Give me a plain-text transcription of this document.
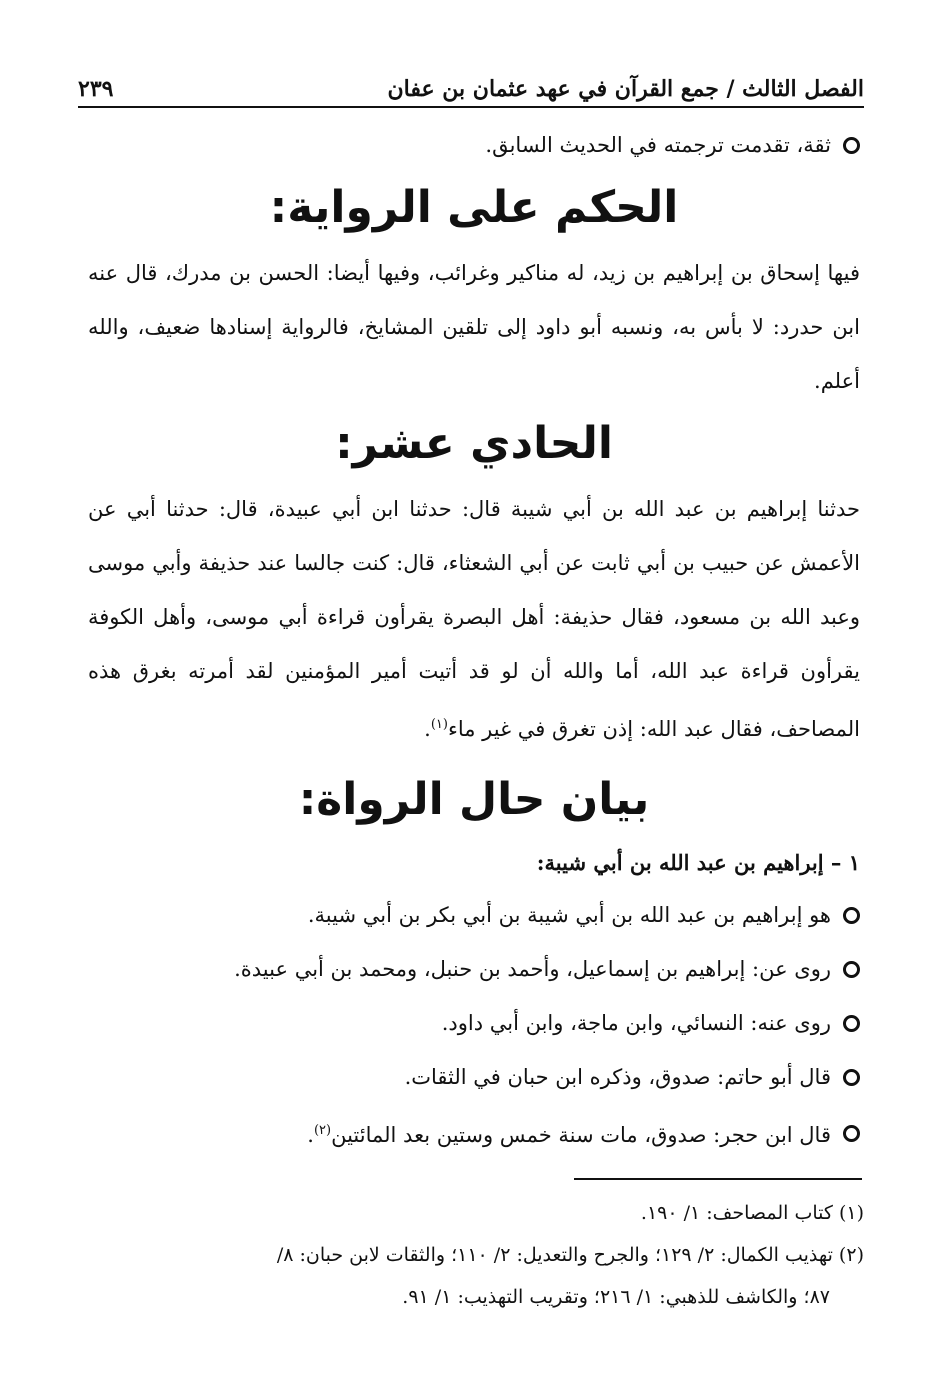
٢٣٩	الفصل الثالث / جمع القرآن في عهد عثمان بن عفان
ثقة، تقدمت ترجمته في الحديث السابق.
الحكم على الرواية:
فيها إسحاق بن إبراهيم بن زيد، له مناكير وغرائب، وفيها أيضا: الحسن بن مدرك، قال عنه ابن حدرد: لا بأس به، ونسبه أبو داود إلى تلقين المشايخ، فالرواية إسنادها ضعيف، والله أعلم.
الحادي عشر:
حدثنا إبراهيم بن عبد الله بن أبي شيبة قال: حدثنا ابن أبي عبيدة، قال: حدثنا أبي عن الأعمش عن حبيب بن أبي ثابت عن أبي الشعثاء، قال: كنت جالسا عند حذيفة وأبي موسى وعبد الله بن مسعود، فقال حذيفة: أهل البصرة يقرأون قراءة أبي موسى، وأهل الكوفة يقرأون قراءة عبد الله، أما والله أن لو قد أتيت أمير المؤمنين لقد أمرته بغرق هذه المصاحف، فقال عبد الله: إذن تغرق في غير ماء$^{(١)}$.
بيان حال الرواة:
١ – إبراهيم بن عبد الله بن أبي شيبة:
هو إبراهيم بن عبد الله بن أبي شيبة بن أبي بكر بن أبي شيبة.
روى عن: إبراهيم بن إسماعيل، وأحمد بن حنبل، ومحمد بن أبي عبيدة.
روى عنه: النسائي، وابن ماجة، وابن أبي داود.
قال أبو حاتم: صدوق، وذكره ابن حبان في الثقات.
قال ابن حجر: صدوق، مات سنة خمس وستين بعد المائتين$^{(٢)}$.
(١) كتاب المصاحف: ١/ ١٩٠.
(٢) تهذيب الكمال: ٢/ ١٢٩؛ والجرح والتعديل: ٢/ ١١٠؛ والثقات لابن حبان: ٨/
٨٧؛ والكاشف للذهبي: ١/ ٢١٦؛ وتقريب التهذيب: ١/ ٩١.
